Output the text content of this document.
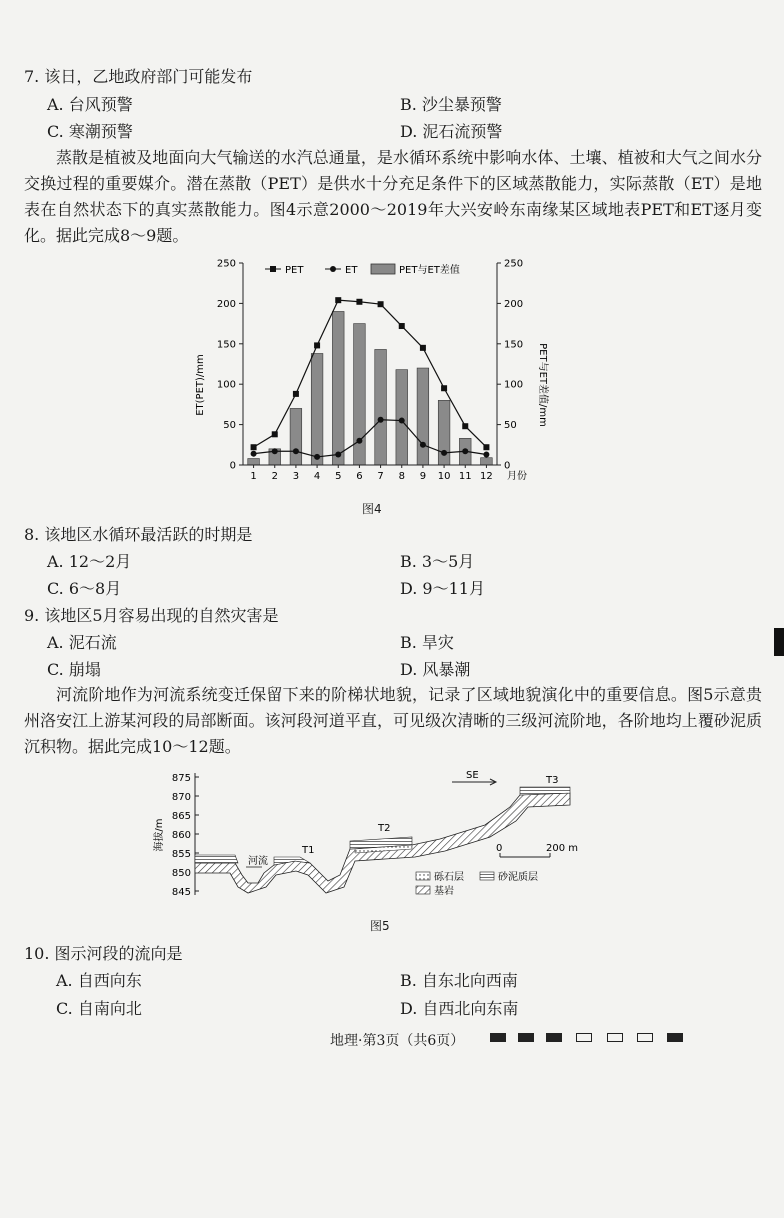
7. 该日，乙地政府部门可能发布
A. 台风预警	B. 沙尘暴预警
C. 寒潮预警	D. 泥石流预警
蒸散是植被及地面向大气输送的水汽总通量，是水循环系统中影响水体、土壤、植被和大气之间水分交换过程的重要媒介。潜在蒸散（PET）是供水十分充足条件下的区域蒸散能力，实际蒸散（ET）是地表在自然状态下的真实蒸散能力。图4示意2000～2019年大兴安岭东南缘某区域地表PET和ET逐月变化。据此完成8～9题。
0	0
50	50
100	100
150	150
200	200
250	250
1 2 3 4 5 6 7 8 9 10 11 12
PET	ET	PET与ET差值
ET(PET)/mm	PET与ET差值/mm
月份
图4
8. 该地区水循环最活跃的时期是
A. 12～2月	B. 3～5月
C. 6～8月	D. 9～11月
9. 该地区5月容易出现的自然灾害是
A. 泥石流	B. 旱灾
C. 崩塌	D. 风暴潮
河流阶地作为河流系统变迁保留下来的阶梯状地貌，记录了区域地貌演化中的重要信息。图5示意贵州洛安江上游某河段的局部断面。该河段河道平直，可见级次清晰的三级河流阶地，各阶地均上覆砂泥质沉积物。据此完成10～12题。
875
870
865
860
855
850
845
海拔/m
河流
T1
T2
T3
SE
0	200 m
砾石层	砂泥质层
基岩
图5
10. 图示河段的流向是
A. 自西向东	B. 自东北向西南
C. 自南向北	D. 自西北向东南
地理·第3页（共6页）
